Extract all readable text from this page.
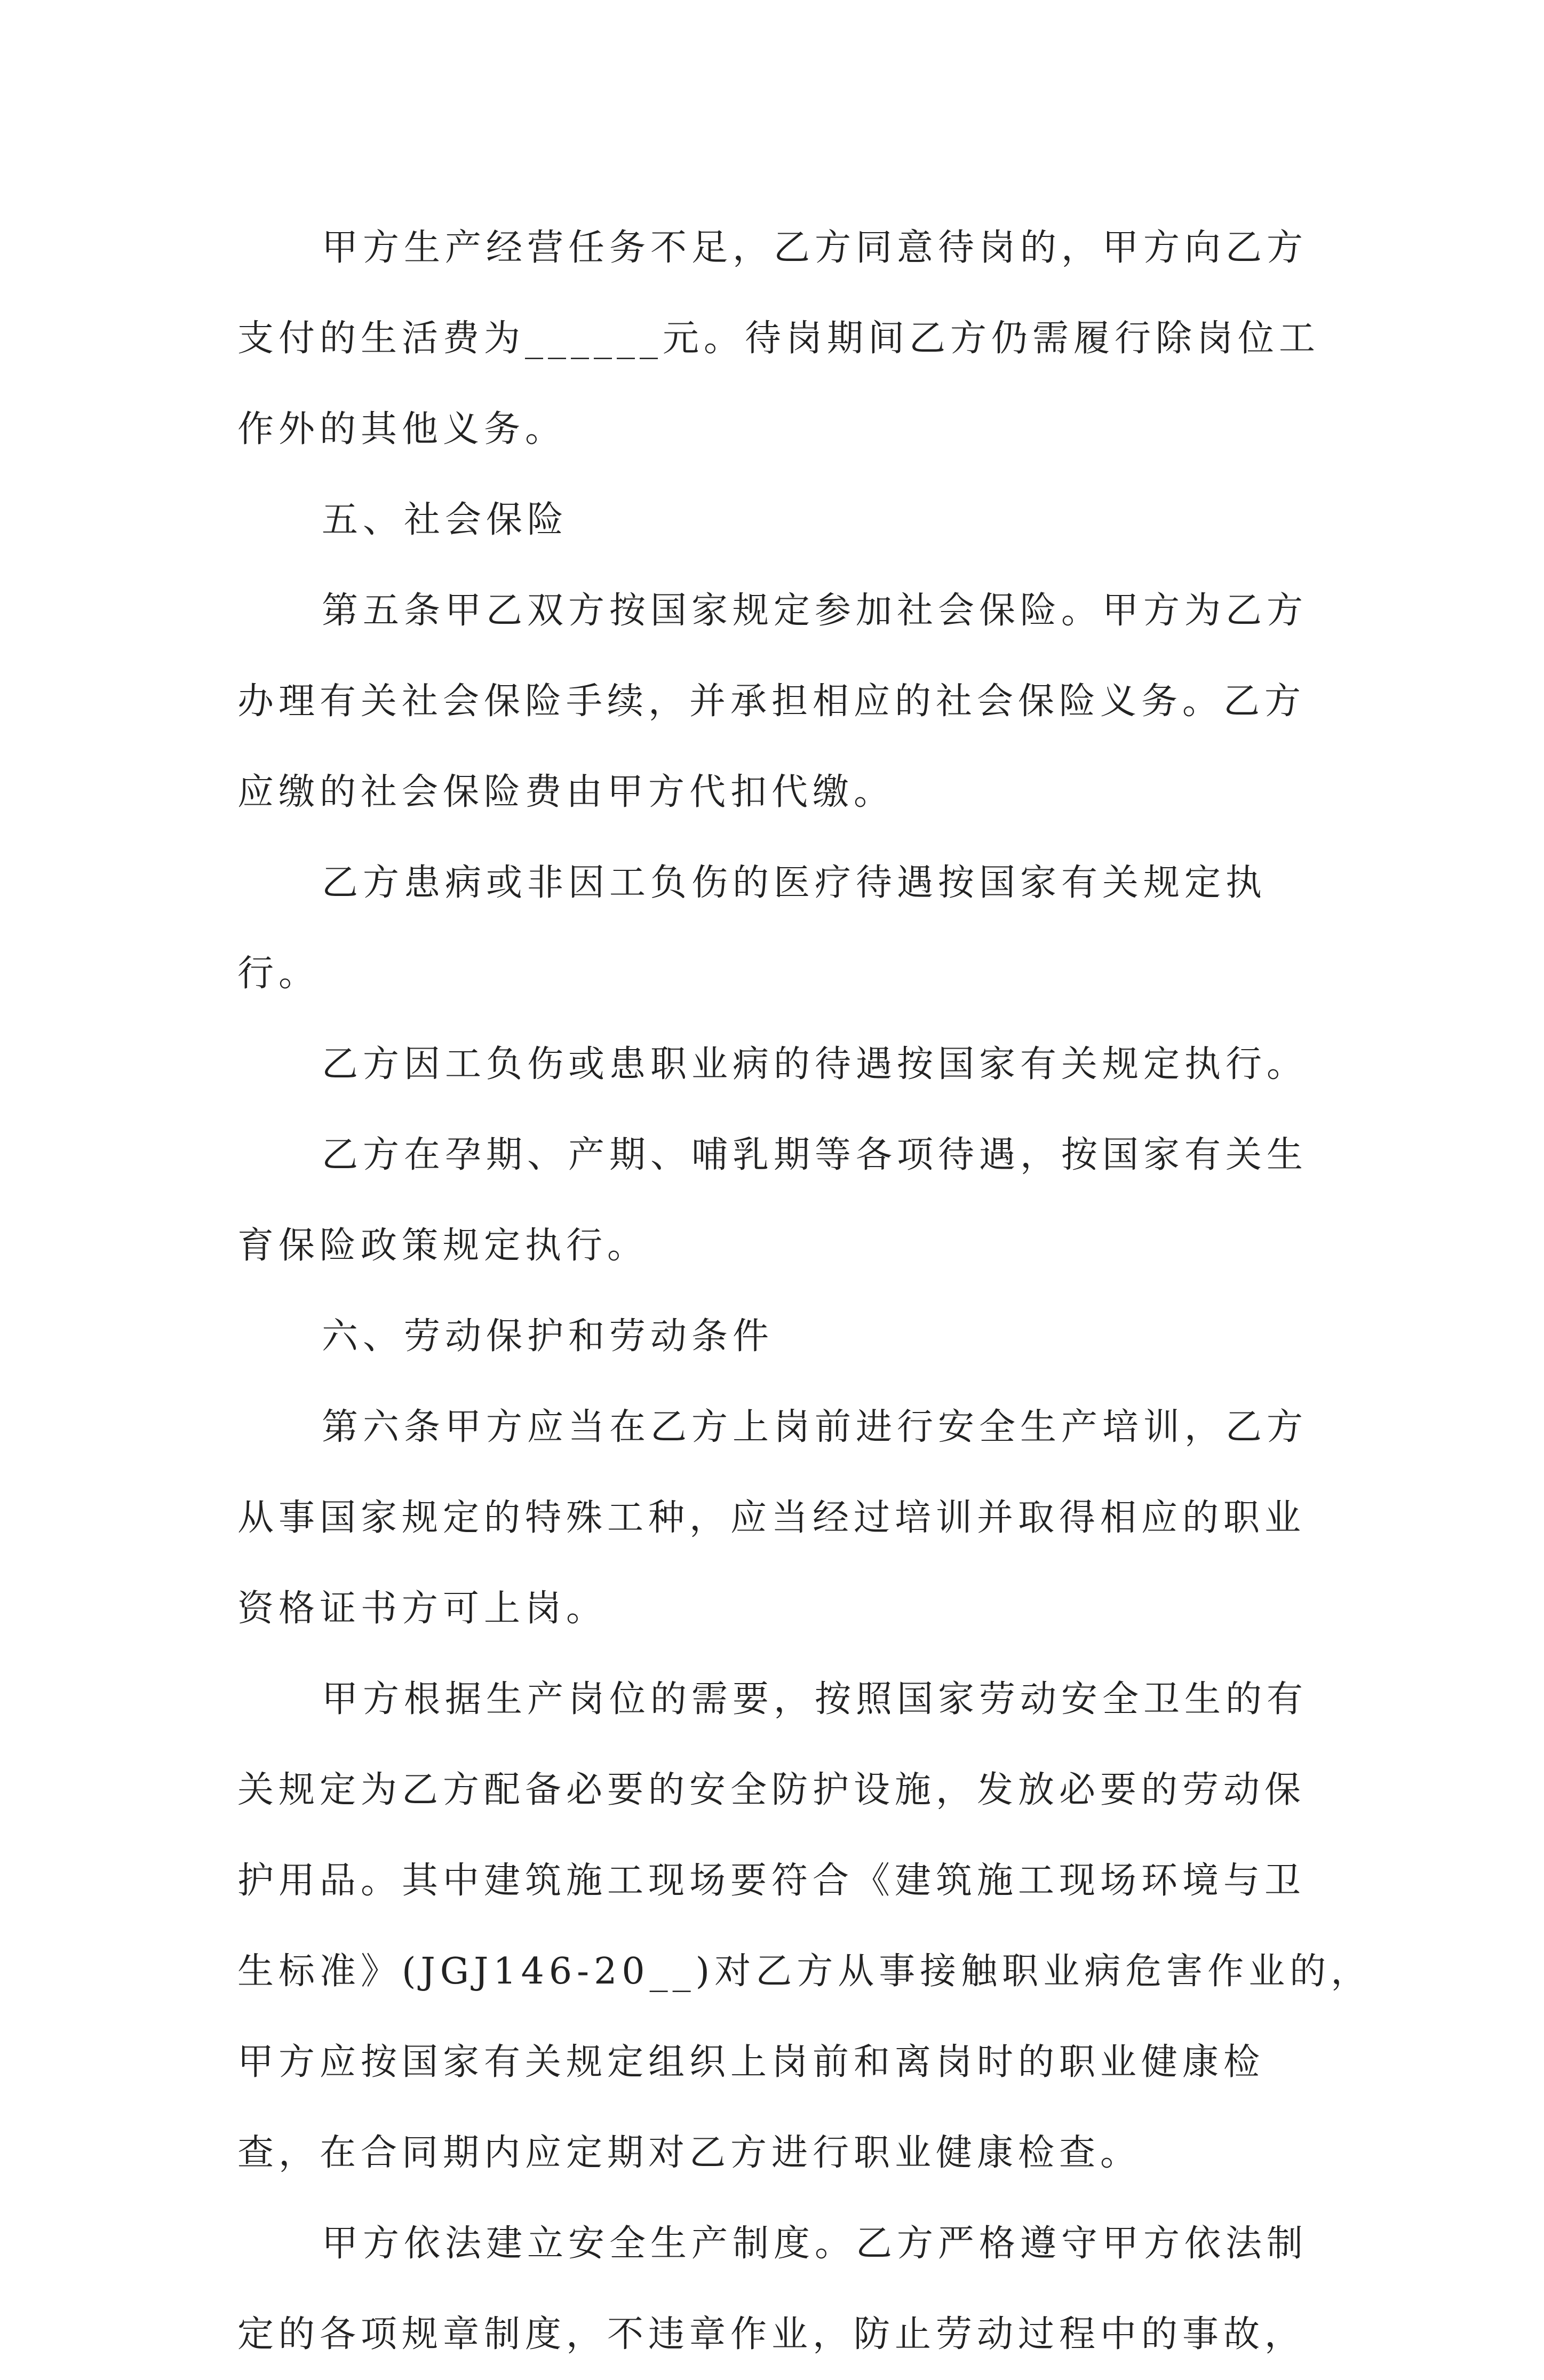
甲方生产经营任务不足，乙方同意待岗的，甲方向乙方
支付的生活费为______元。待岗期间乙方仍需履行除岗位工
作外的其他义务。
五、社会保险
第五条甲乙双方按国家规定参加社会保险。甲方为乙方
办理有关社会保险手续，并承担相应的社会保险义务。乙方
应缴的社会保险费由甲方代扣代缴。
乙方患病或非因工负伤的医疗待遇按国家有关规定执
行。
乙方因工负伤或患职业病的待遇按国家有关规定执行。
乙方在孕期、产期、哺乳期等各项待遇，按国家有关生
育保险政策规定执行。
六、劳动保护和劳动条件
第六条甲方应当在乙方上岗前进行安全生产培训，乙方
从事国家规定的特殊工种，应当经过培训并取得相应的职业
资格证书方可上岗。
甲方根据生产岗位的需要，按照国家劳动安全卫生的有
关规定为乙方配备必要的安全防护设施，发放必要的劳动保
护用品。其中建筑施工现场要符合《建筑施工现场环境与卫
生标准》(JGJ146-20__)对乙方从事接触职业病危害作业的，
甲方应按国家有关规定组织上岗前和离岗时的职业健康检
查，在合同期内应定期对乙方进行职业健康检查。
甲方依法建立安全生产制度。乙方严格遵守甲方依法制
定的各项规章制度，不违章作业，防止劳动过程中的事故，
